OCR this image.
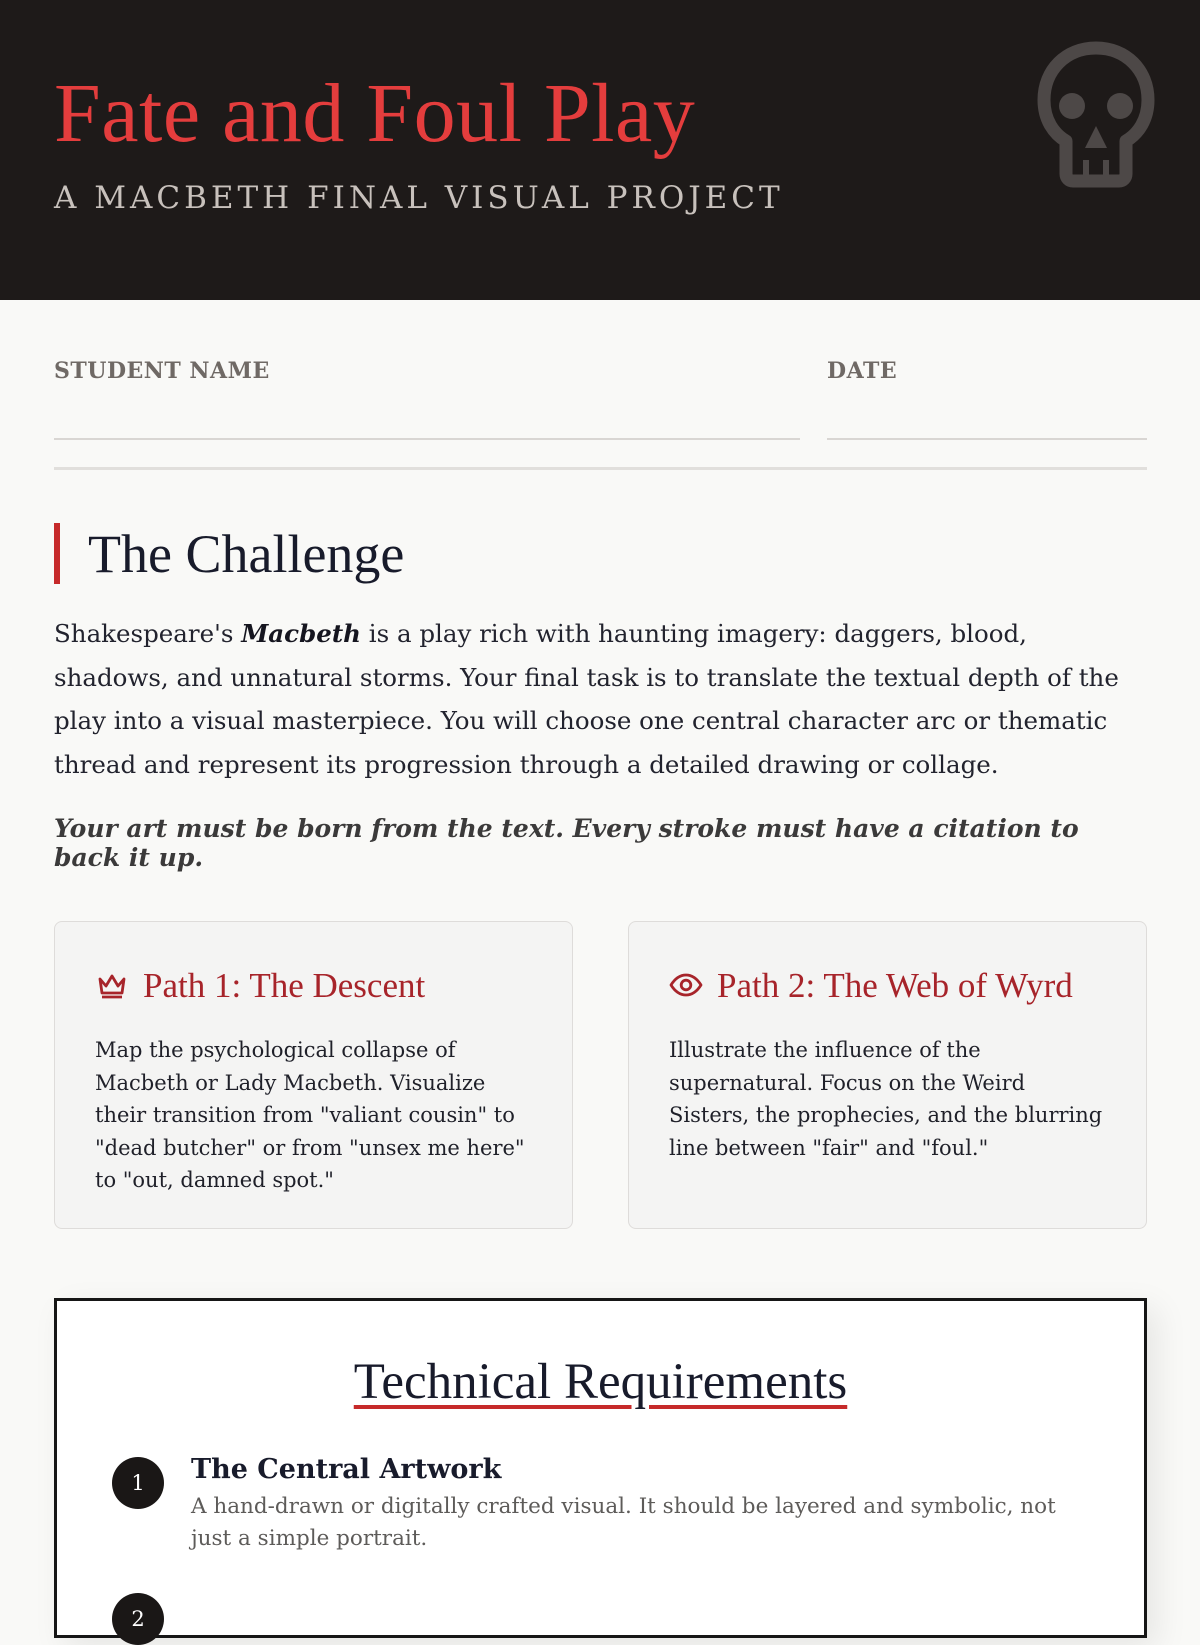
Fate and Foul Play

A MACBETH FINAL VISUAL PROJECT

STUDENT NAME	DATE
The Challenge

Shakespeare's Macbeth is a play rich with haunting imagery: daggers, blood, shadows, and unnatural storms. Your final task is to translate the textual depth of the play into a visual masterpiece. You will choose one central character arc or thematic thread and represent its progression through a detailed drawing or collage.

Your art must be born from the text. Every stroke must have a citation to back it up.

Path 1: The Descent

Map the psychological collapse of Macbeth or Lady Macbeth. Visualize their transition from "valiant cousin" to "dead butcher" or from "unsex me here" to "out, damned spot."

Path 2: The Web of Wyrd

Illustrate the influence of the supernatural. Focus on the Weird Sisters, the prophecies, and the blurring line between "fair" and "foul."

Technical Requirements
1	The Central Artwork
A hand-drawn or digitally crafted visual. It should be layered and symbolic, not just a simple portrait.
2
